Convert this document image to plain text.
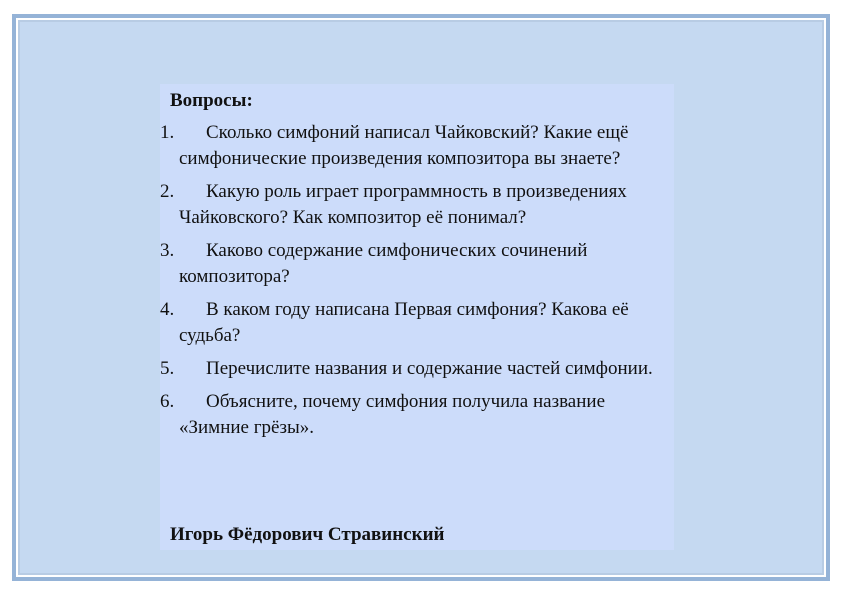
Вопросы:

1.	Сколько симфоний написал Чайковский? Какие ещё симфонические произведения композитора вы знаете?
2.	Какую роль играет программность в произведениях Чайковского? Как композитор её понимал?
3.	Каково содержание симфонических сочинений композитора?
4.	В каком году написана Первая симфония? Какова её судьба?
5.	Перечислите названия и содержание частей симфонии.
6.	Объясните, почему симфония получила название «Зимние грёзы».

Игорь Фёдорович Стравинский
